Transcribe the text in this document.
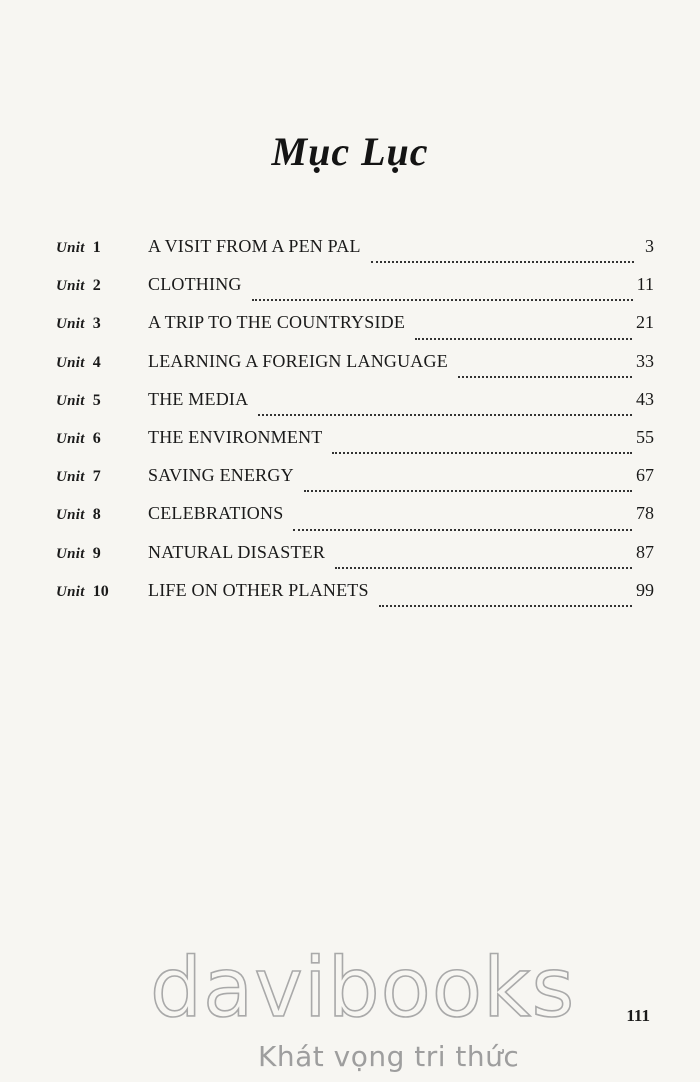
Mục Lục
Unit 1	A VISIT FROM A PEN PAL	3
Unit 2	CLOTHING	11
Unit 3	A TRIP TO THE COUNTRYSIDE	21
Unit 4	LEARNING A FOREIGN LANGUAGE	33
Unit 5	THE MEDIA	43
Unit 6	THE ENVIRONMENT	55
Unit 7	SAVING ENERGY	67
Unit 8	CELEBRATIONS	78
Unit 9	NATURAL DISASTER	87
Unit 10	LIFE ON OTHER PLANETS	99
davibooks
Khát vọng tri thức
111
